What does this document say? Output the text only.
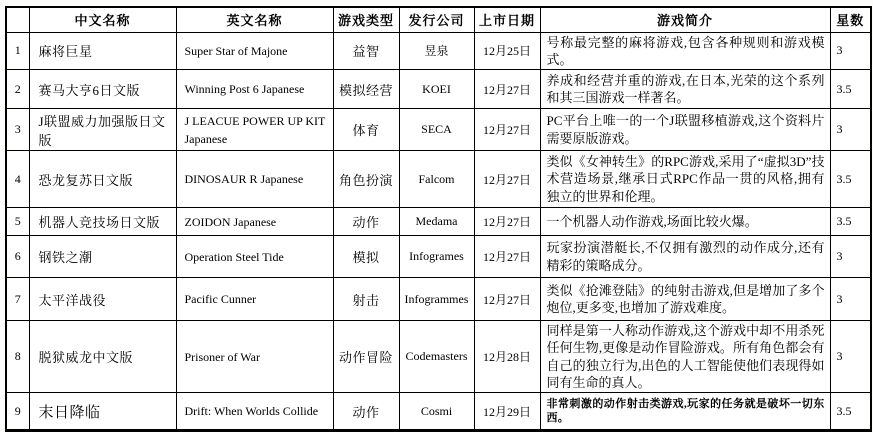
	中文名称	英文名称	游戏类型	发行公司	上市日期	游戏简介	星数
1	麻将巨星	Super Star of Majone	益智	昱泉	12月25日	号称最完整的麻将游戏,包含各种规则和游戏模式。	3
2	赛马大亨6日文版	Winning Post 6 Japanese	模拟经营	KOEI	12月27日	养成和经营并重的游戏,在日本,光荣的这个系列和其三国游戏一样著名。	3.5
3	J联盟威力加强版日文版	J LEACUE POWER UP KIT Japanese	体育	SECA	12月27日	PC平台上唯一的一个J联盟移植游戏,这个资料片需要原版游戏。	3
4	恐龙复苏日文版	DINOSAUR R Japanese	角色扮演	Falcom	12月27日	类似《女神转生》的RPC游戏,采用了“虚拟3D”技术营造场景,继承日式RPC作品一贯的风格,拥有独立的世界和伦理。	3.5
5	机器人竞技场日文版	ZOIDON Japanese	动作	Medama	12月27日	一个机器人动作游戏,场面比较火爆。	3.5
6	钢铁之潮	Operation Steel Tide	模拟	Infogrames	12月27日	玩家扮演潜艇长,不仅拥有激烈的动作成分,还有精彩的策略成分。	3
7	太平洋战役	Pacific Cunner	射击	Infogrammes	12月27日	类似《抢滩登陆》的纯射击游戏,但是增加了多个炮位,更多变,也增加了游戏难度。	3
8	脱狱威龙中文版	Prisoner of War	动作冒险	Codemasters	12月28日	同样是第一人称动作游戏,这个游戏中却不用杀死任何生物,更像是动作冒险游戏。所有角色都会有自己的独立行为,出色的人工智能使他们表现得如同有生命的真人。	3
9	末日降临	Drift: When Worlds Collide	动作	Cosmi	12月29日	非常刺激的动作射击类游戏,玩家的任务就是破坏一切东西。	3.5
